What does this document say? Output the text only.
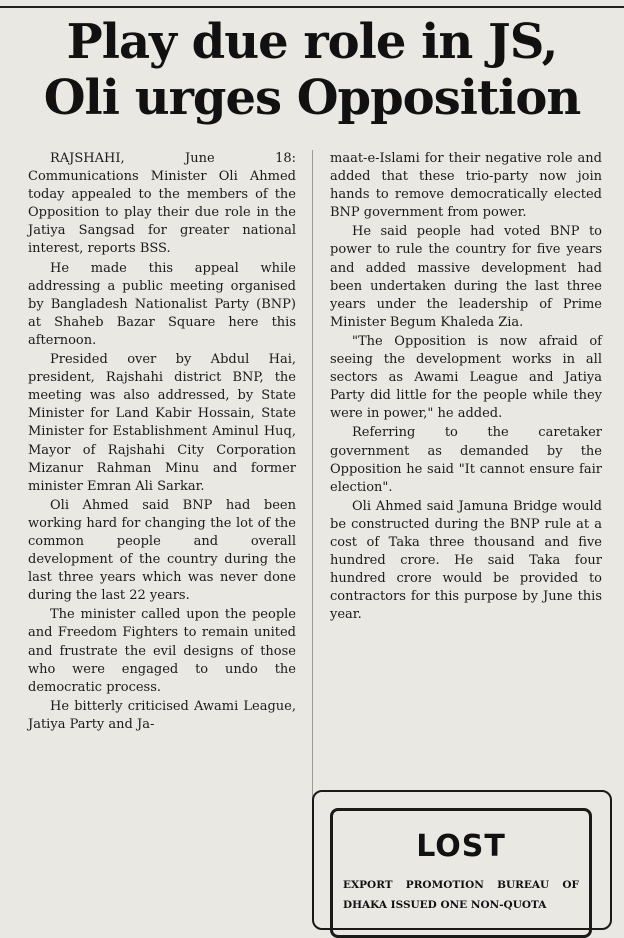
Play due role in JS,
Oli urges Opposition

RAJSHAHI, June 18: Communications Minister Oli Ahmed today appealed to the members of the Opposition to play their due role in the Jatiya Sangsad for greater national interest, reports BSS.

He made this appeal while addressing a public meeting organised by Bangladesh Nationalist Party (BNP) at Shaheb Bazar Square here this afternoon.

Presided over by Abdul Hai, president, Rajshahi district BNP, the meeting was also addressed, by State Minister for Land Kabir Hossain, State Minister for Establishment Aminul Huq, Mayor of Rajshahi City Corporation Mizanur Rahman Minu and former minister Emran Ali Sarkar.

Oli Ahmed said BNP had been working hard for changing the lot of the common people and overall development of the country during the last three years which was never done during the last 22 years.

The minister called upon the people and Freedom Fighters to remain united and frustrate the evil designs of those who were engaged to undo the democratic process.

He bitterly criticised Awami League, Jatiya Party and Ja-

maat-e-Islami for their negative role and added that these trio-party now join hands to remove democratically elected BNP government from power.

He said people had voted BNP to power to rule the country for five years and added massive development had been undertaken during the last three years under the leadership of Prime Minister Begum Khaleda Zia.

"The Opposition is now afraid of seeing the development works in all sectors as Awami League and Jatiya Party did little for the people while they were in power," he added.

Referring to the caretaker government as demanded by the Opposition he said "It cannot ensure fair election".

Oli Ahmed said Jamuna Bridge would be constructed during the BNP rule at a cost of Taka three thousand and five hundred crore. He said Taka four hundred crore would be provided to contractors for this purpose by June this year.

LOST
EXPORT PROMOTION BUREAU OF DHAKA ISSUED ONE NON-QUOTA
